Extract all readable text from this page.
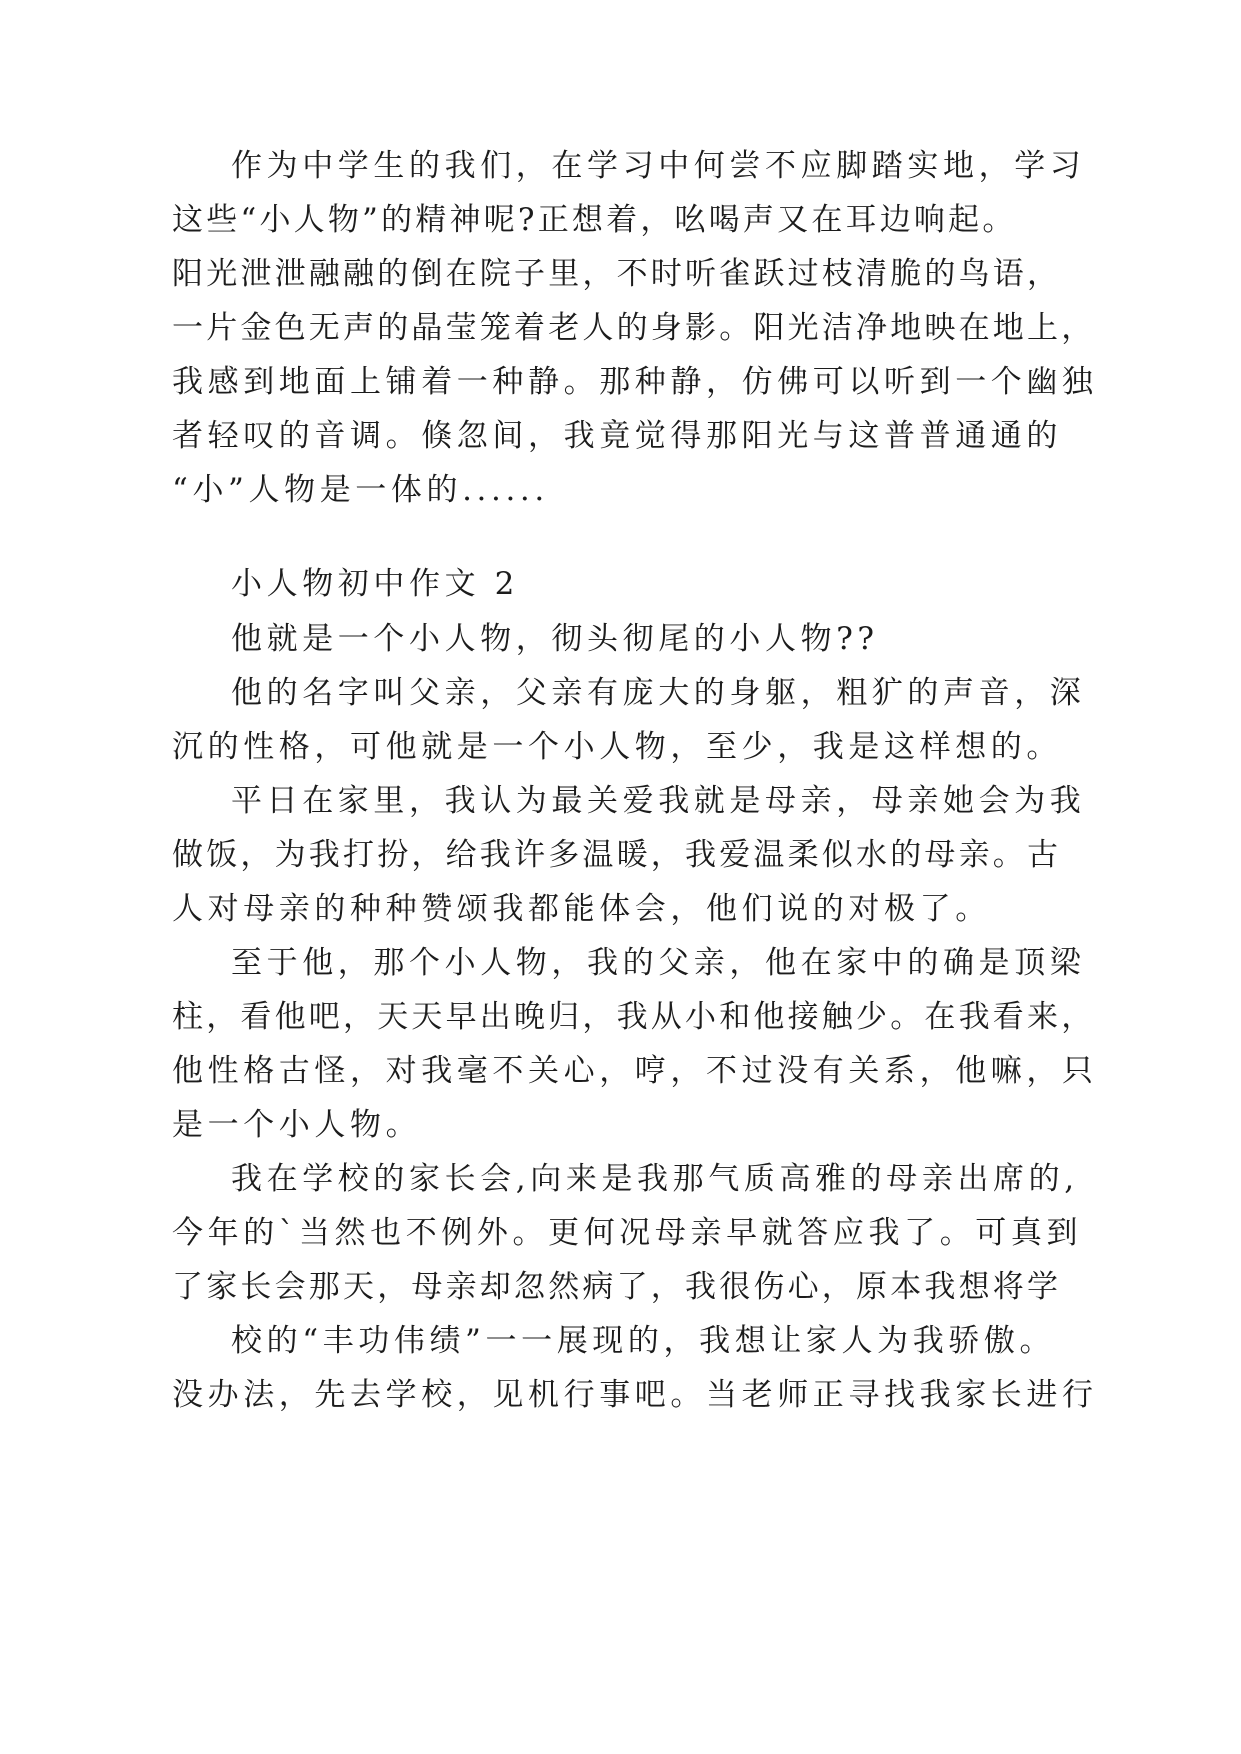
作为中学生的我们，在学习中何尝不应脚踏实地，学习

这些“小人物”的精神呢?正想着，吆喝声又在耳边响起。

阳光泄泄融融的倒在院子里，不时听雀跃过枝清脆的鸟语，

一片金色无声的晶莹笼着老人的身影。阳光洁净地映在地上，

我感到地面上铺着一种静。那种静，仿佛可以听到一个幽独

者轻叹的音调。倏忽间，我竟觉得那阳光与这普普通通的

“小”人物是一体的......

小人物初中作文 2

他就是一个小人物，彻头彻尾的小人物??

他的名字叫父亲，父亲有庞大的身躯，粗犷的声音，深

沉的性格，可他就是一个小人物，至少，我是这样想的。

平日在家里，我认为最关爱我就是母亲，母亲她会为我

做饭，为我打扮，给我许多温暖，我爱温柔似水的母亲。古

人对母亲的种种赞颂我都能体会，他们说的对极了。

至于他，那个小人物，我的父亲，他在家中的确是顶梁

柱，看他吧，天天早出晚归，我从小和他接触少。在我看来，

他性格古怪，对我毫不关心，哼，不过没有关系，他嘛，只

是一个小人物。

我在学校的家长会,向来是我那气质高雅的母亲出席的,

今年的`当然也不例外。更何况母亲早就答应我了。可真到

了家长会那天，母亲却忽然病了，我很伤心，原本我想将学

校的“丰功伟绩”一一展现的，我想让家人为我骄傲。

没办法，先去学校，见机行事吧。当老师正寻找我家长进行
